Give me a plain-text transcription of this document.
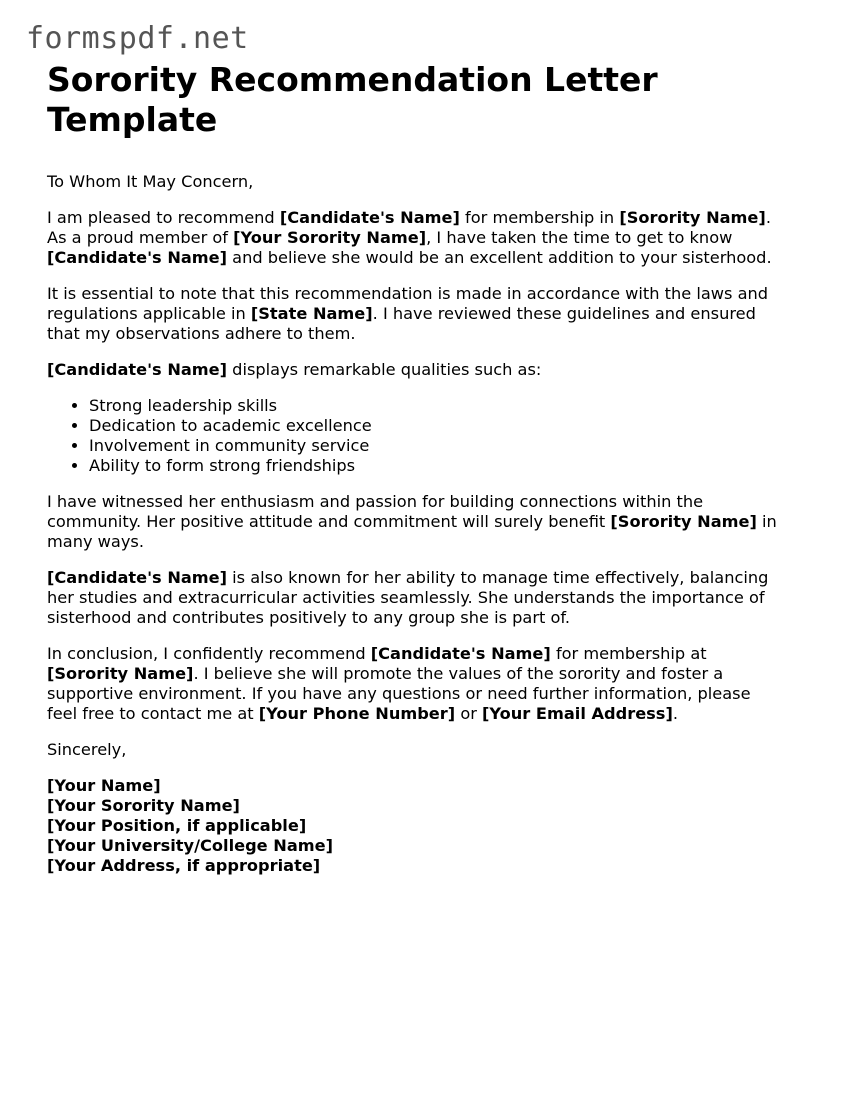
formspdf.net
Sorority Recommendation Letter
Template

To Whom It May Concern,

I am pleased to recommend [Candidate's Name] for membership in [Sorority Name].
As a proud member of [Your Sorority Name], I have taken the time to get to know
[Candidate's Name] and believe she would be an excellent addition to your sisterhood.

It is essential to note that this recommendation is made in accordance with the laws and
regulations applicable in [State Name]. I have reviewed these guidelines and ensured
that my observations adhere to them.

[Candidate's Name] displays remarkable qualities such as:

• Strong leadership skills
• Dedication to academic excellence
• Involvement in community service
• Ability to form strong friendships

I have witnessed her enthusiasm and passion for building connections within the
community. Her positive attitude and commitment will surely benefit [Sorority Name] in
many ways.

[Candidate's Name] is also known for her ability to manage time effectively, balancing
her studies and extracurricular activities seamlessly. She understands the importance of
sisterhood and contributes positively to any group she is part of.

In conclusion, I confidently recommend [Candidate's Name] for membership at
[Sorority Name]. I believe she will promote the values of the sorority and foster a
supportive environment. If you have any questions or need further information, please
feel free to contact me at [Your Phone Number] or [Your Email Address].

Sincerely,

[Your Name]
[Your Sorority Name]
[Your Position, if applicable]
[Your University/College Name]
[Your Address, if appropriate]
